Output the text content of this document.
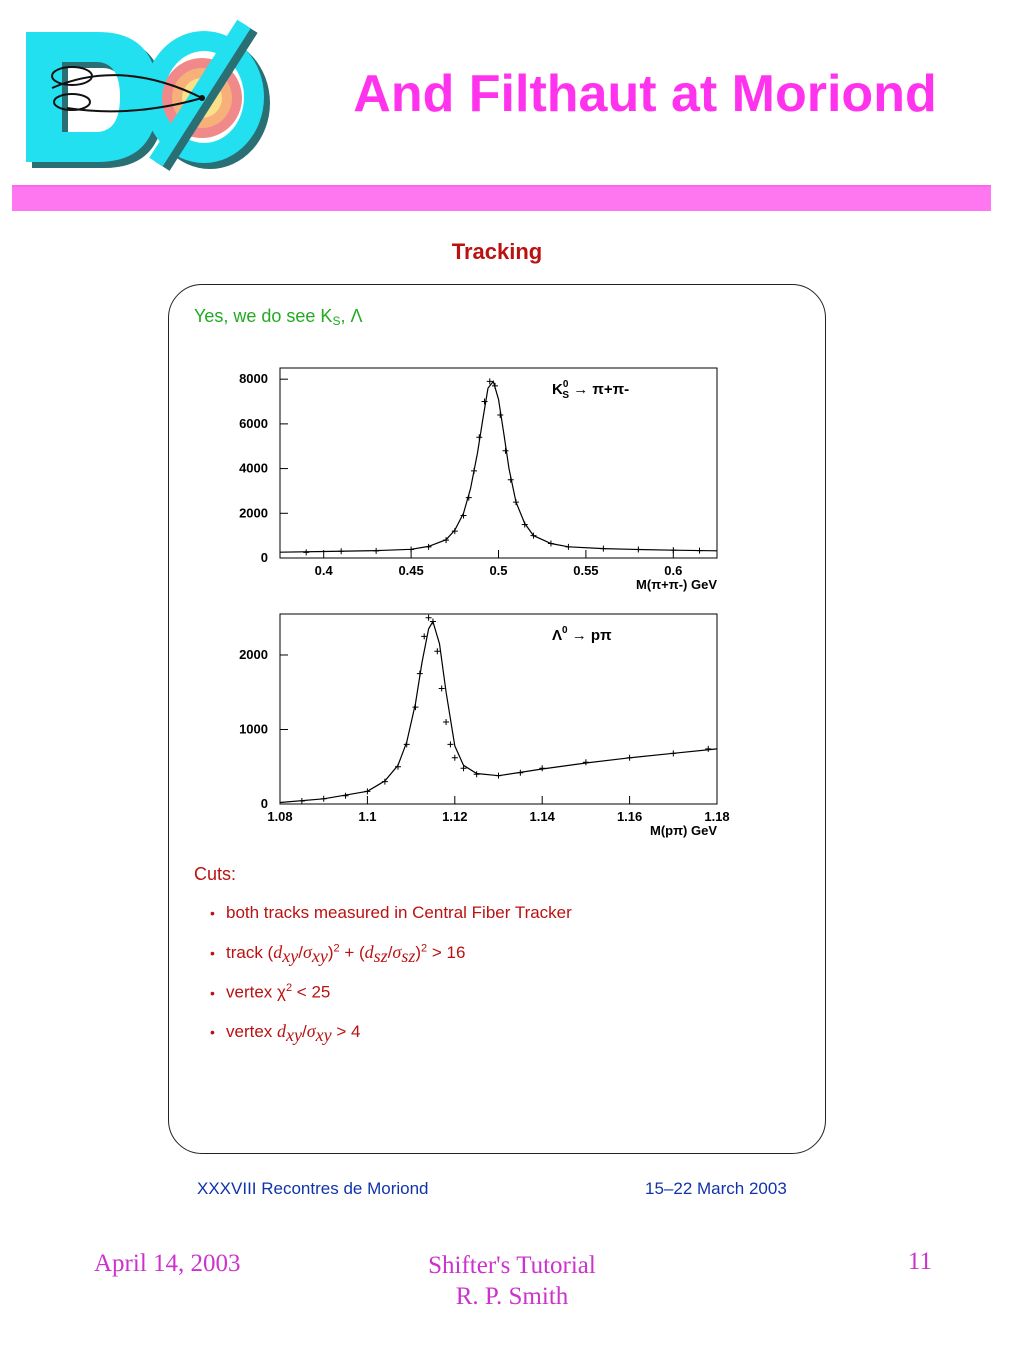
And Filthaut at Moriond
Tracking
Yes, we do see $K_S$, Λ
0.4	0.45	0.5	0.55	0.6
0
2000
4000
6000
8000
$K^0$ S → π+π-
M(π+π-) GeV
1.08	1.1	1.12	1.14	1.16	1.18
0
1000
2000
$\Lambda^0 \to p\pi$
M(pπ) GeV
Cuts:
• both tracks measured in Central Fiber Tracker
• track $(d_{xy}/\sigma_{xy})^2 + (d_{sz}/\sigma_{sz})^2 > 16$
• vertex $\chi^2 < 25$
• vertex $d_{xy}/\sigma_{xy} > 4$
XXXVIII Recontres de Moriond	15–22 March 2003
April 14, 2003	Shifter's Tutorial
R. P. Smith
11
